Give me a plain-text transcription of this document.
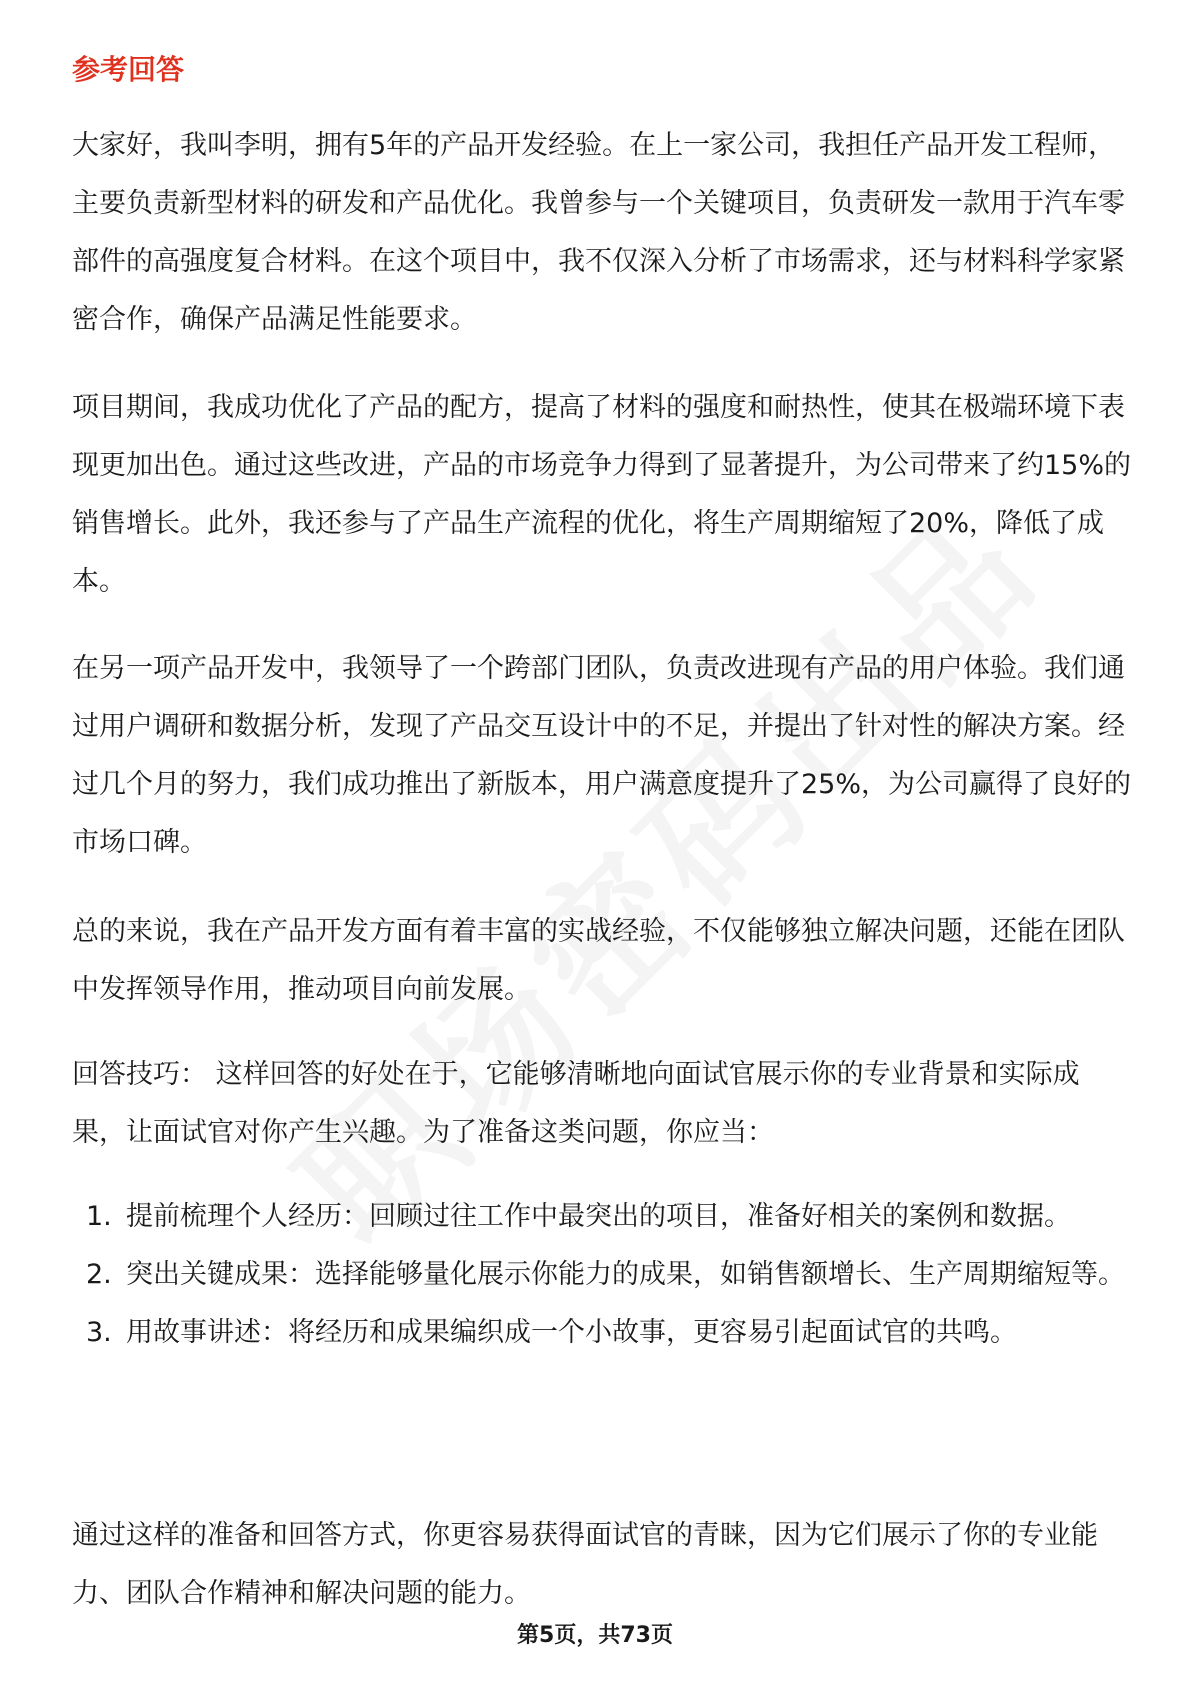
参考回答

大家好，我叫李明，拥有5年的产品开发经验。在上一家公司，我担任产品开发工程师，主要负责新型材料的研发和产品优化。我曾参与一个关键项目，负责研发一款用于汽车零部件的高强度复合材料。在这个项目中，我不仅深入分析了市场需求，还与材料科学家紧密合作，确保产品满足性能要求。

项目期间，我成功优化了产品的配方，提高了材料的强度和耐热性，使其在极端环境下表现更加出色。通过这些改进，产品的市场竞争力得到了显著提升，为公司带来了约15%的销售增长。此外，我还参与了产品生产流程的优化，将生产周期缩短了20%，降低了成本。

在另一项产品开发中，我领导了一个跨部门团队，负责改进现有产品的用户体验。我们通过用户调研和数据分析，发现了产品交互设计中的不足，并提出了针对性的解决方案。经过几个月的努力，我们成功推出了新版本，用户满意度提升了25%，为公司赢得了良好的市场口碑。

总的来说，我在产品开发方面有着丰富的实战经验，不仅能够独立解决问题，还能在团队中发挥领导作用，推动项目向前发展。

回答技巧： 这样回答的好处在于，它能够清晰地向面试官展示你的专业背景和实际成果，让面试官对你产生兴趣。为了准备这类问题，你应当：

1. 提前梳理个人经历：回顾过往工作中最突出的项目，准备好相关的案例和数据。
2. 突出关键成果：选择能够量化展示你能力的成果，如销售额增长、生产周期缩短等。
3. 用故事讲述：将经历和成果编织成一个小故事，更容易引起面试官的共鸣。

通过这样的准备和回答方式，你更容易获得面试官的青睐，因为它们展示了你的专业能力、团队合作精神和解决问题的能力。

第5页，共73页
